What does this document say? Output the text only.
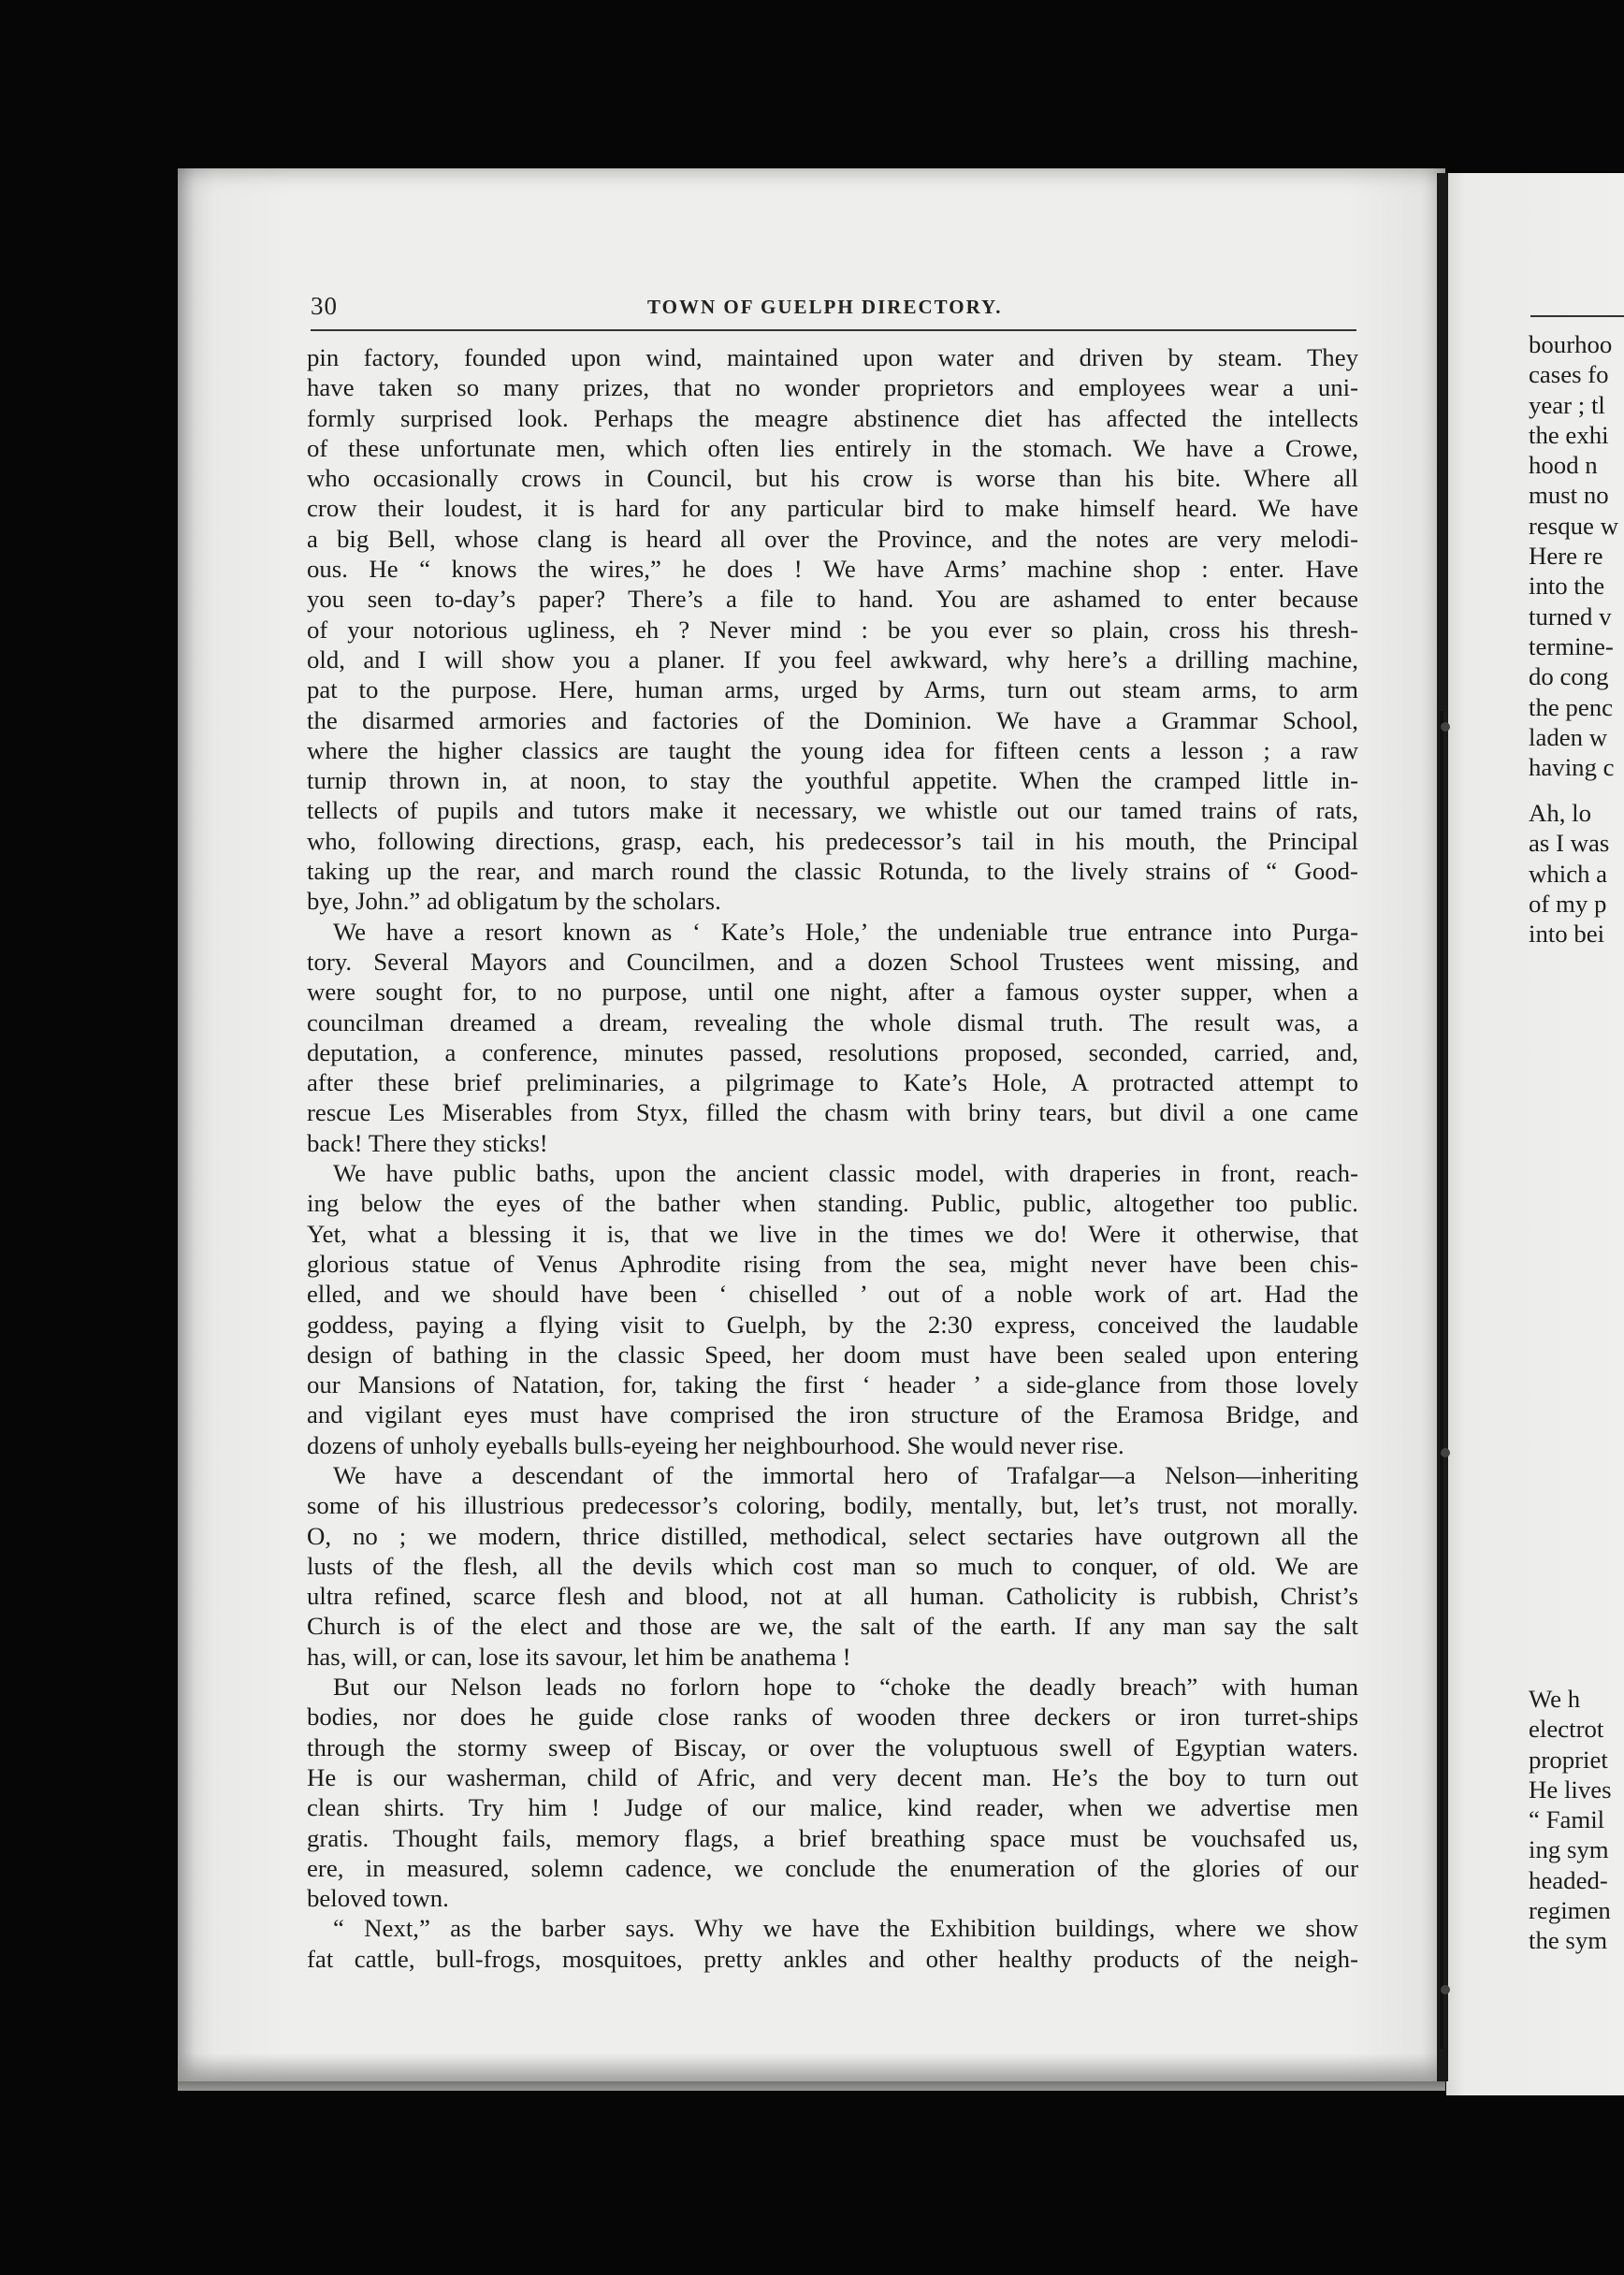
30	TOWN OF GUELPH DIRECTORY.
pin factory, founded upon wind, maintained upon water and driven by steam. They
have taken so many prizes, that no wonder proprietors and employees wear a uni-
formly surprised look. Perhaps the meagre abstinence diet has affected the intellects
of these unfortunate men, which often lies entirely in the stomach. We have a Crowe,
who occasionally crows in Council, but his crow is worse than his bite. Where all
crow their loudest, it is hard for any particular bird to make himself heard. We have
a big Bell, whose clang is heard all over the Province, and the notes are very melodi-
ous. He “ knows the wires,” he does ! We have Arms’ machine shop : enter. Have
you seen to-day’s paper? There’s a file to hand. You are ashamed to enter because
of your notorious ugliness, eh ? Never mind : be you ever so plain, cross his thresh-
old, and I will show you a planer. If you feel awkward, why here’s a drilling machine,
pat to the purpose. Here, human arms, urged by Arms, turn out steam arms, to arm
the disarmed armories and factories of the Dominion. We have a Grammar School,
where the higher classics are taught the young idea for fifteen cents a lesson ; a raw
turnip thrown in, at noon, to stay the youthful appetite. When the cramped little in-
tellects of pupils and tutors make it necessary, we whistle out our tamed trains of rats,
who, following directions, grasp, each, his predecessor’s tail in his mouth, the Principal
taking up the rear, and march round the classic Rotunda, to the lively strains of “ Good-
bye, John.” ad obligatum by the scholars.
We have a resort known as ‘ Kate’s Hole,’ the undeniable true entrance into Purga-
tory. Several Mayors and Councilmen, and a dozen School Trustees went missing, and
were sought for, to no purpose, until one night, after a famous oyster supper, when a
councilman dreamed a dream, revealing the whole dismal truth. The result was, a
deputation, a conference, minutes passed, resolutions proposed, seconded, carried, and,
after these brief preliminaries, a pilgrimage to Kate’s Hole, A protracted attempt to
rescue Les Miserables from Styx, filled the chasm with briny tears, but divil a one came
back! There they sticks!
We have public baths, upon the ancient classic model, with draperies in front, reach-
ing below the eyes of the bather when standing. Public, public, altogether too public.
Yet, what a blessing it is, that we live in the times we do! Were it otherwise, that
glorious statue of Venus Aphrodite rising from the sea, might never have been chis-
elled, and we should have been ‘ chiselled ’ out of a noble work of art. Had the
goddess, paying a flying visit to Guelph, by the 2:30 express, conceived the laudable
design of bathing in the classic Speed, her doom must have been sealed upon entering
our Mansions of Natation, for, taking the first ‘ header ’ a side-glance from those lovely
and vigilant eyes must have comprised the iron structure of the Eramosa Bridge, and
dozens of unholy eyeballs bulls-eyeing her neighbourhood. She would never rise.
We have a descendant of the immortal hero of Trafalgar—a Nelson—inheriting
some of his illustrious predecessor’s coloring, bodily, mentally, but, let’s trust, not morally.
O, no ; we modern, thrice distilled, methodical, select sectaries have outgrown all the
lusts of the flesh, all the devils which cost man so much to conquer, of old. We are
ultra refined, scarce flesh and blood, not at all human. Catholicity is rubbish, Christ’s
Church is of the elect and those are we, the salt of the earth. If any man say the salt
has, will, or can, lose its savour, let him be anathema !
But our Nelson leads no forlorn hope to “choke the deadly breach” with human
bodies, nor does he guide close ranks of wooden three deckers or iron turret-ships
through the stormy sweep of Biscay, or over the voluptuous swell of Egyptian waters.
He is our washerman, child of Afric, and very decent man. He’s the boy to turn out
clean shirts. Try him ! Judge of our malice, kind reader, when we advertise men
gratis. Thought fails, memory flags, a brief breathing space must be vouchsafed us,
ere, in measured, solemn cadence, we conclude the enumeration of the glories of our
beloved town.
“ Next,” as the barber says. Why we have the Exhibition buildings, where we show
fat cattle, bull-frogs, mosquitoes, pretty ankles and other healthy products of the neigh-
bourhoo
cases fo
year ; tl
the exhi
hood n
must no
resque w
Here re
into the
turned v
termine-
do cong
the penc
laden w
having c
Ah, lo
as I was
which a
of my p
into bei
We h
electrot
propriet
He lives
“ Famil
ing sym
headed-
regimen
the sym
